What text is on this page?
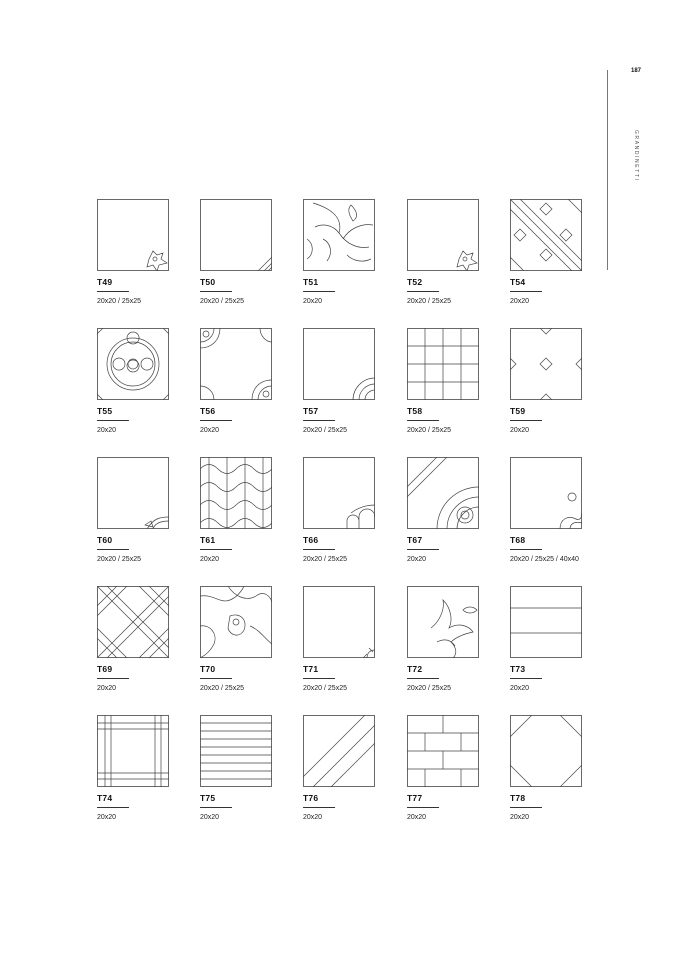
187
GRANDINETTI
T49
20x20 / 25x25
T50
20x20 / 25x25
T51
20x20
T52
20x20 / 25x25
T54
20x20
T55
20x20
T56
20x20
T57
20x20 / 25x25
T58
20x20 / 25x25
T59
20x20
T60
20x20 / 25x25
T61
20x20
T66
20x20 / 25x25
T67
20x20
T68
20x20 / 25x25 / 40x40
T69
20x20
T70
20x20 / 25x25
T71
20x20 / 25x25
T72
20x20 / 25x25
T73
20x20
T74
20x20
T75
20x20
T76
20x20
T77
20x20
T78
20x20
